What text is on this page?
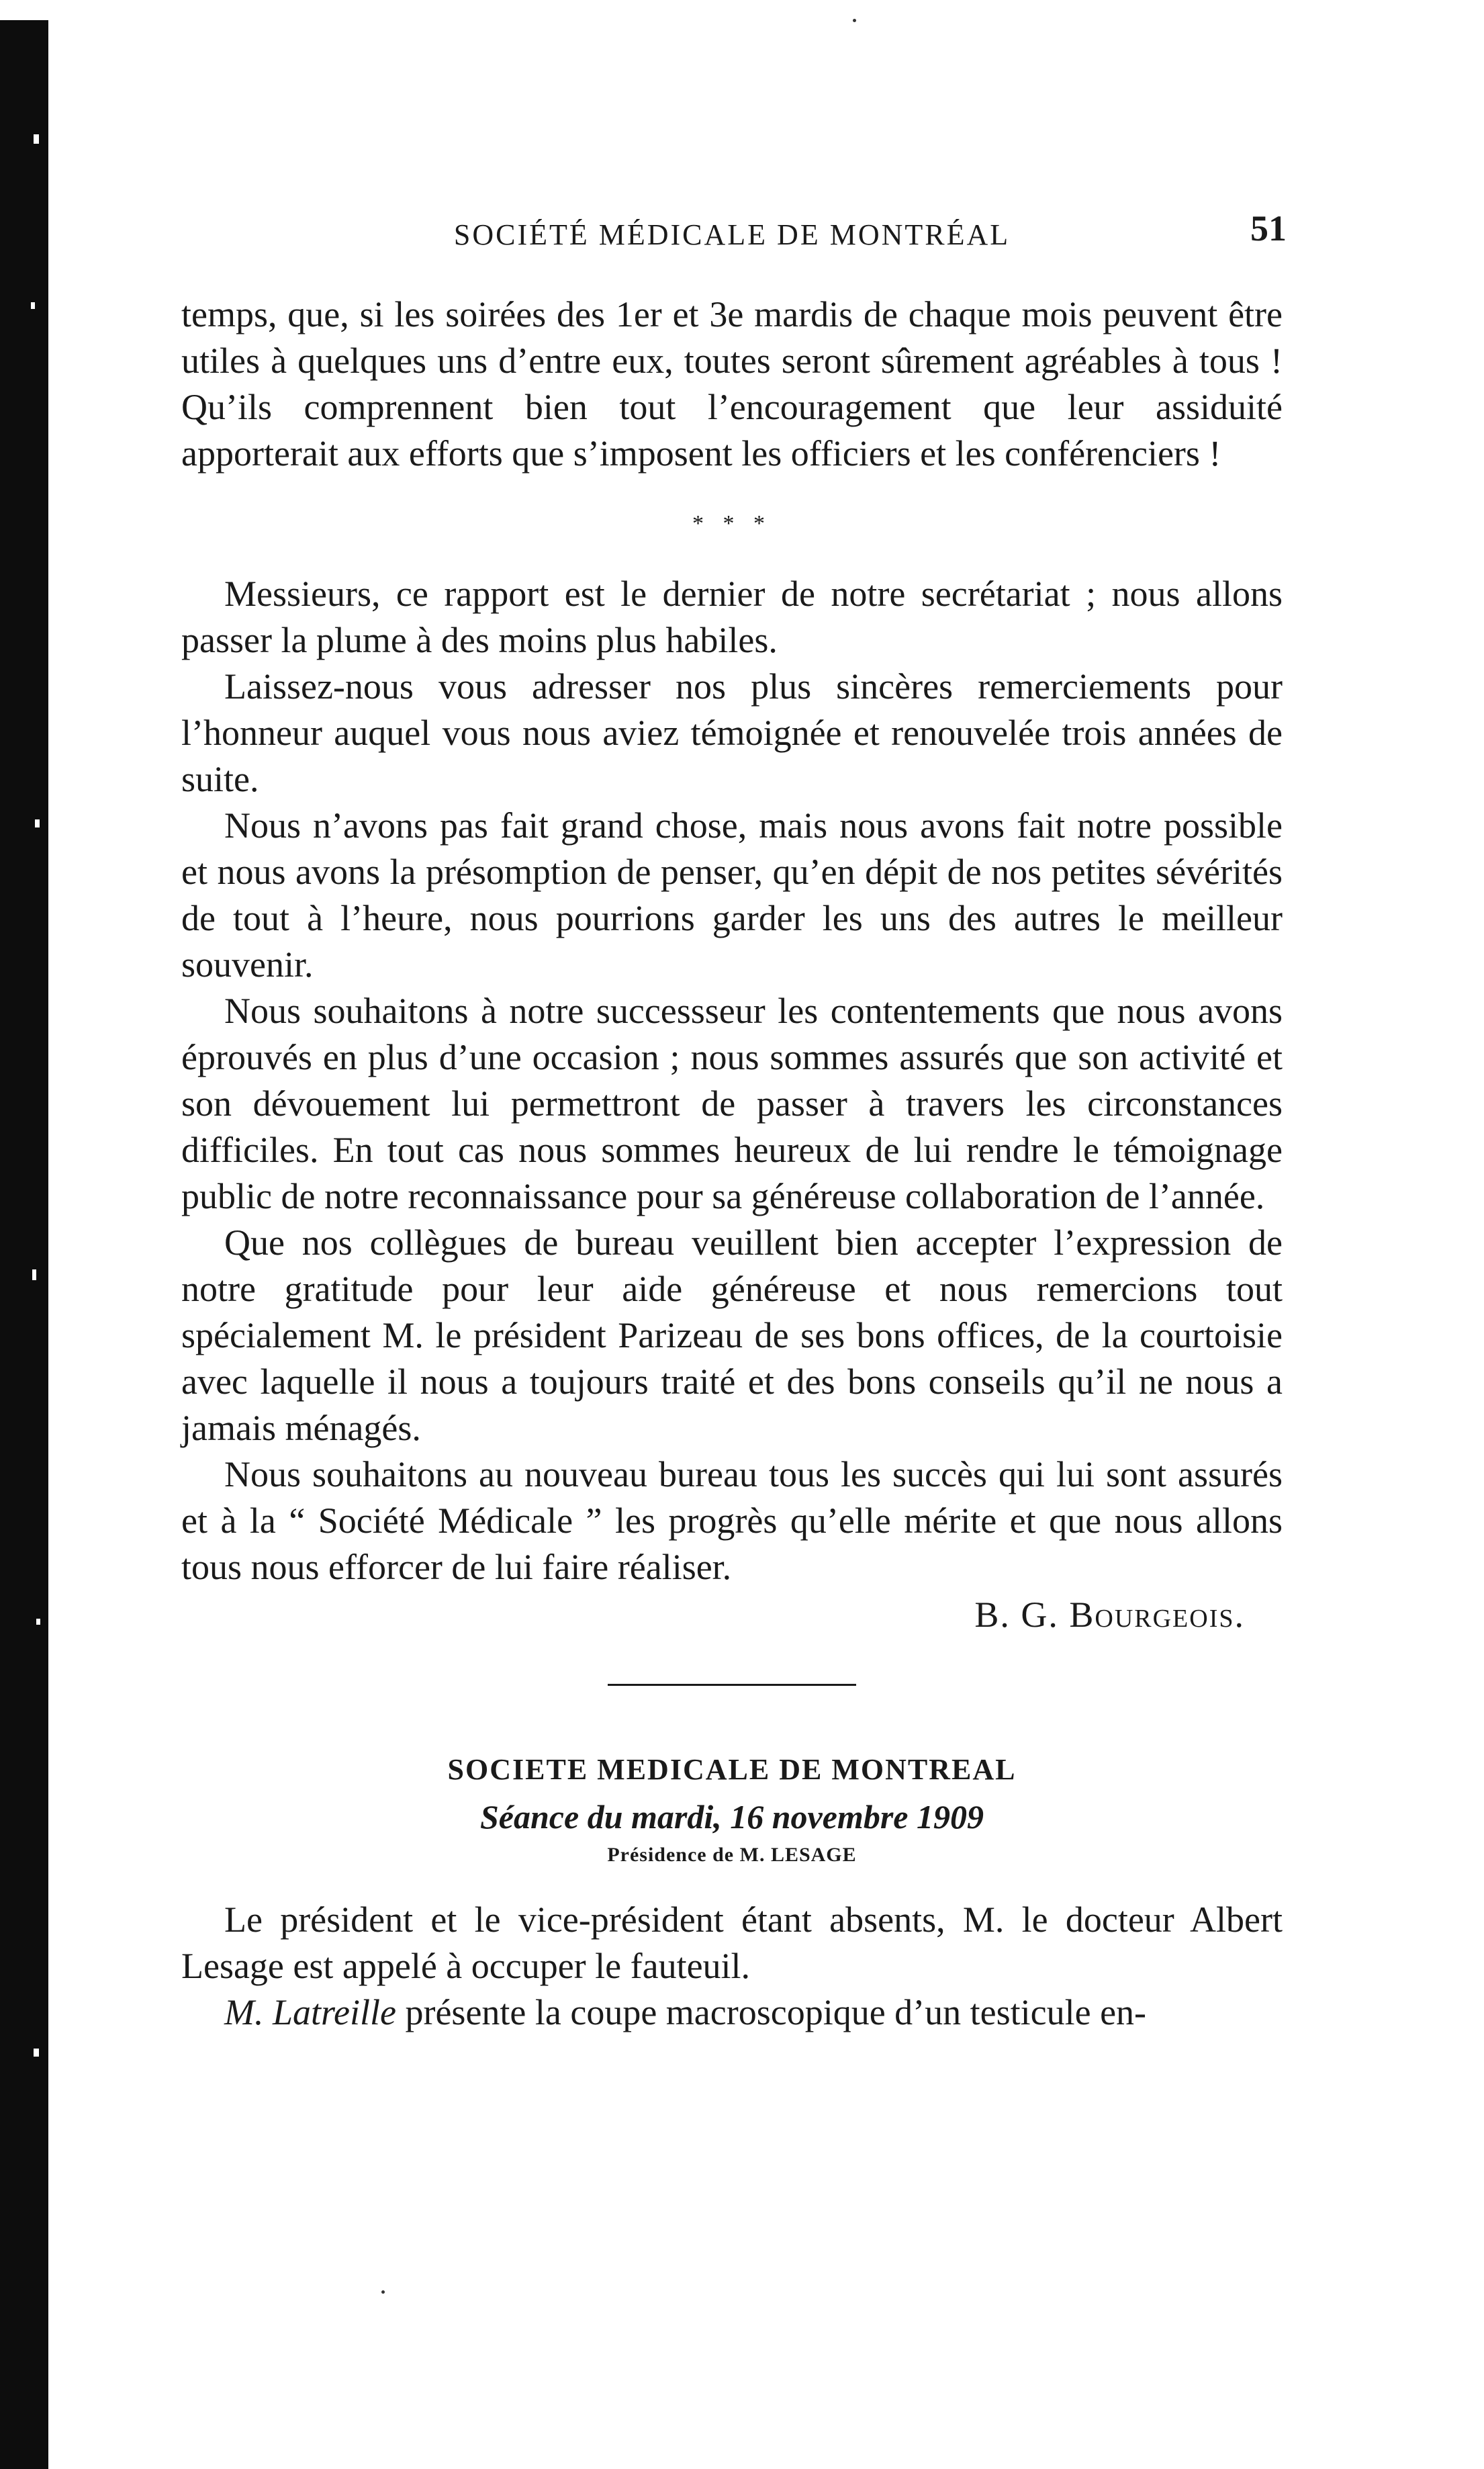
SOCIÉTÉ MÉDICALE DE MONTRÉAL	51

temps, que, si les soirées des 1er et 3e mardis de chaque mois peuvent être utiles à quelques uns d’entre eux, toutes seront sûrement agréables à tous ! Qu’ils comprennent bien tout l’encouragement que leur assiduité apporterait aux efforts que s’imposent les officiers et les conférenciers !

* * *

Messieurs, ce rapport est le dernier de notre secrétariat ; nous allons passer la plume à des moins plus habiles.

Laissez-nous vous adresser nos plus sincères remerciements pour l’honneur auquel vous nous aviez témoignée et renouvelée trois années de suite.

Nous n’avons pas fait grand chose, mais nous avons fait notre possible et nous avons la présomption de penser, qu’en dépit de nos petites sévérités de tout à l’heure, nous pourrions garder les uns des autres le meilleur souvenir.

Nous souhaitons à notre successseur les contentements que nous avons éprouvés en plus d’une occasion ; nous sommes assurés que son activité et son dévouement lui permettront de passer à travers les circonstances difficiles. En tout cas nous sommes heureux de lui rendre le témoignage public de notre reconnaissance pour sa généreuse collaboration de l’année.

Que nos collègues de bureau veuillent bien accepter l’expression de notre gratitude pour leur aide généreuse et nous remercions tout spécialement M. le président Parizeau de ses bons offices, de la courtoisie avec laquelle il nous a toujours traité et des bons conseils qu’il ne nous a jamais ménagés.

Nous souhaitons au nouveau bureau tous les succès qui lui sont assurés et à la “ Société Médicale ” les progrès qu’elle mérite et que nous allons tous nous efforcer de lui faire réaliser.

B. G. Bourgeois.
SOCIETE MEDICALE DE MONTREAL
Séance du mardi, 16 novembre 1909
Présidence de M. LESAGE

Le président et le vice-président étant absents, M. le docteur Albert Lesage est appelé à occuper le fauteuil.

M. Latreille présente la coupe macroscopique d’un testicule en-
